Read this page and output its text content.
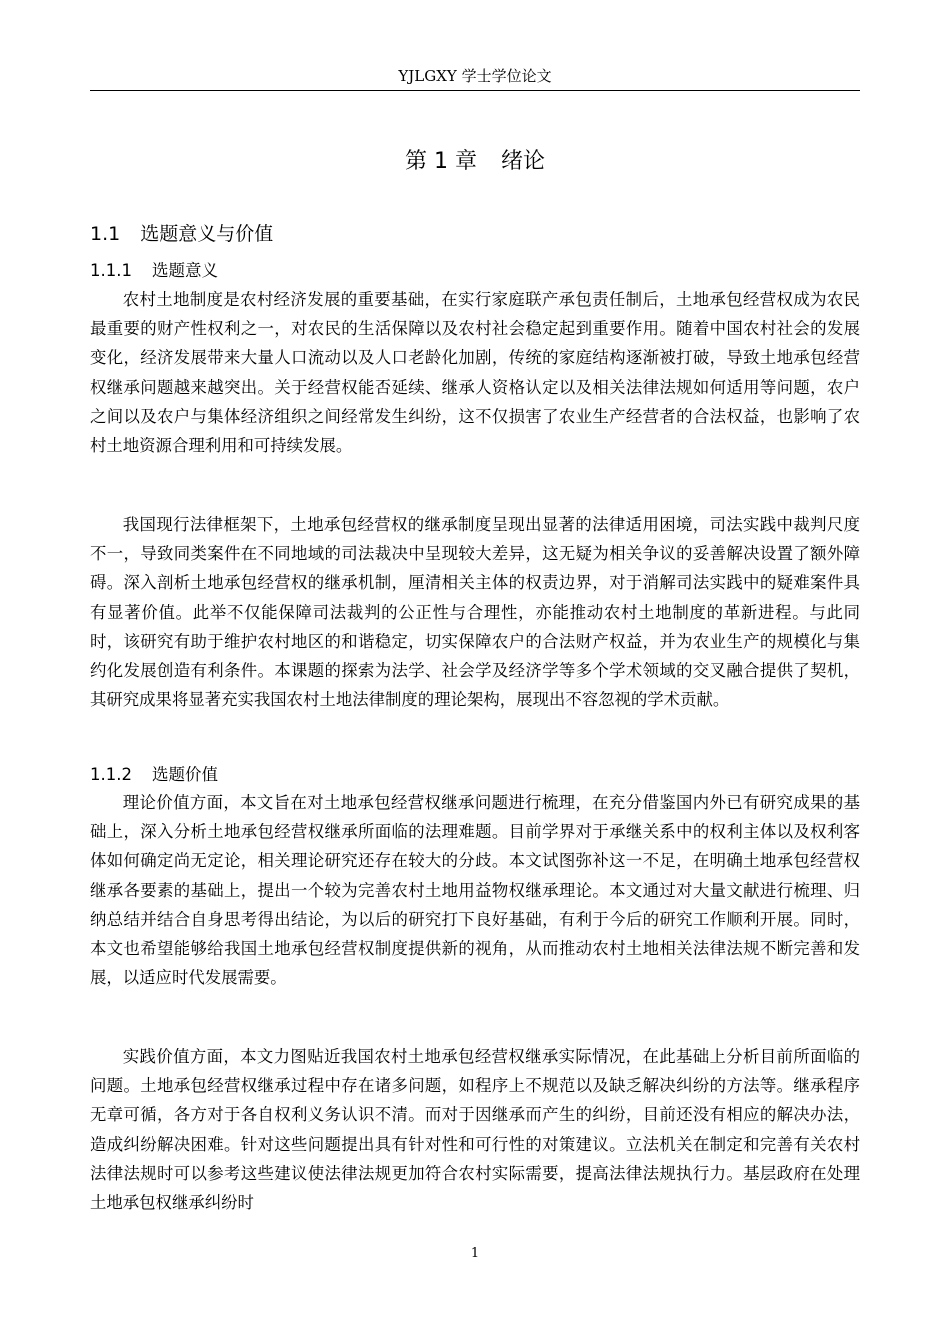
YJLGXY 学士学位论文
第 1 章 绪论
1.1 选题意义与价值
1.1.1 选题意义

农村土地制度是农村经济发展的重要基础，在实行家庭联产承包责任制后，土地承包经营权成为农民最重要的财产性权利之一，对农民的生活保障以及农村社会稳定起到重要作用。随着中国农村社会的发展变化，经济发展带来大量人口流动以及人口老龄化加剧，传统的家庭结构逐渐被打破，导致土地承包经营权继承问题越来越突出。关于经营权能否延续、继承人资格认定以及相关法律法规如何适用等问题，农户之间以及农户与集体经济组织之间经常发生纠纷，这不仅损害了农业生产经营者的合法权益，也影响了农村土地资源合理利用和可持续发展。

我国现行法律框架下，土地承包经营权的继承制度呈现出显著的法律适用困境，司法实践中裁判尺度不一，导致同类案件在不同地域的司法裁决中呈现较大差异，这无疑为相关争议的妥善解决设置了额外障碍。深入剖析土地承包经营权的继承机制，厘清相关主体的权责边界，对于消解司法实践中的疑难案件具有显著价值。此举不仅能保障司法裁判的公正性与合理性，亦能推动农村土地制度的革新进程。与此同时，该研究有助于维护农村地区的和谐稳定，切实保障农户的合法财产权益，并为农业生产的规模化与集约化发展创造有利条件。本课题的探索为法学、社会学及经济学等多个学术领域的交叉融合提供了契机，其研究成果将显著充实我国农村土地法律制度的理论架构，展现出不容忽视的学术贡献。

1.1.2 选题价值

理论价值方面，本文旨在对土地承包经营权继承问题进行梳理，在充分借鉴国内外已有研究成果的基础上，深入分析土地承包经营权继承所面临的法理难题。目前学界对于承继关系中的权利主体以及权利客体如何确定尚无定论，相关理论研究还存在较大的分歧。本文试图弥补这一不足，在明确土地承包经营权继承各要素的基础上，提出一个较为完善农村土地用益物权继承理论。本文通过对大量文献进行梳理、归纳总结并结合自身思考得出结论，为以后的研究打下良好基础，有利于今后的研究工作顺利开展。同时，本文也希望能够给我国土地承包经营权制度提供新的视角，从而推动农村土地相关法律法规不断完善和发展，以适应时代发展需要。

实践价值方面，本文力图贴近我国农村土地承包经营权继承实际情况，在此基础上分析目前所面临的问题。土地承包经营权继承过程中存在诸多问题，如程序上不规范以及缺乏解决纠纷的方法等。继承程序无章可循，各方对于各自权利义务认识不清。而对于因继承而产生的纠纷，目前还没有相应的解决办法，造成纠纷解决困难。针对这些问题提出具有针对性和可行性的对策建议。立法机关在制定和完善有关农村法律法规时可以参考这些建议使法律法规更加符合农村实际需要，提高法律法规执行力。基层政府在处理土地承包权继承纠纷时

1
